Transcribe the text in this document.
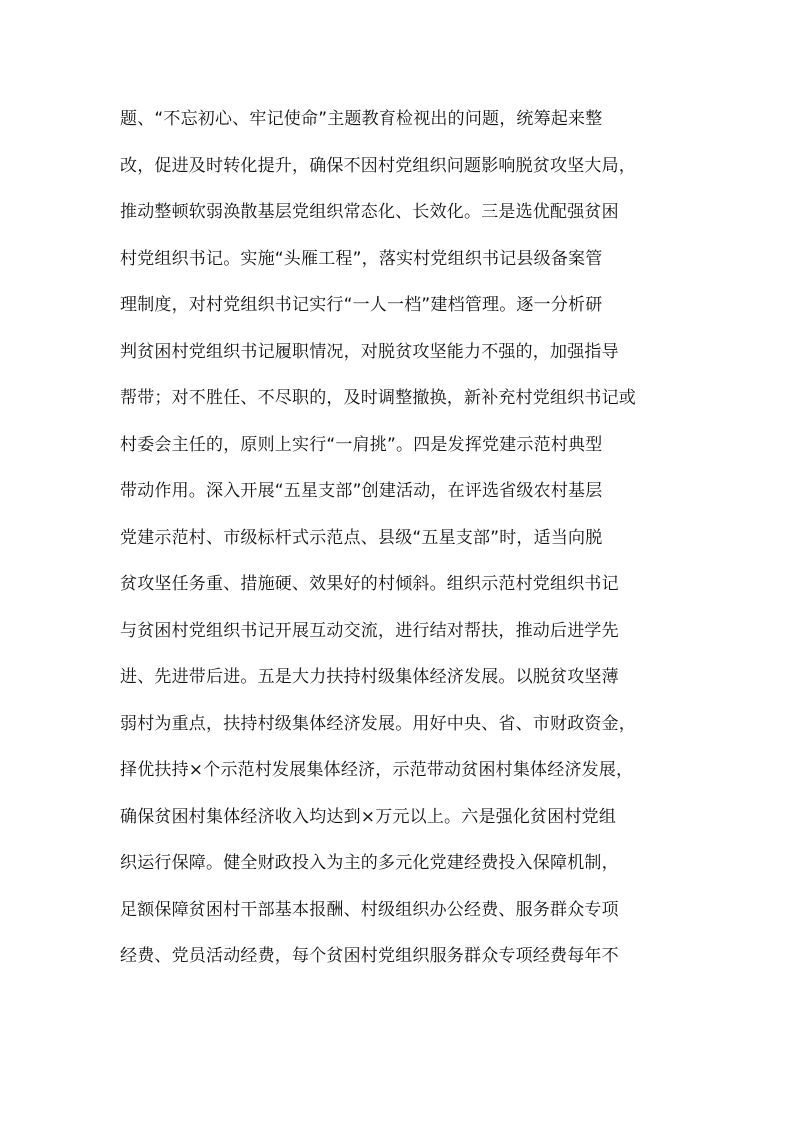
题、“不忘初心、牢记使命”主题教育检视出的问题，统筹起来整
改，促进及时转化提升，确保不因村党组织问题影响脱贫攻坚大局，
推动整顿软弱涣散基层党组织常态化、长效化。三是选优配强贫困
村党组织书记。实施“头雁工程”，落实村党组织书记县级备案管
理制度，对村党组织书记实行“一人一档”建档管理。逐一分析研
判贫困村党组织书记履职情况，对脱贫攻坚能力不强的，加强指导
帮带；对不胜任、不尽职的，及时调整撤换，新补充村党组织书记或
村委会主任的，原则上实行“一肩挑”。四是发挥党建示范村典型
带动作用。深入开展“五星支部”创建活动，在评选省级农村基层
党建示范村、市级标杆式示范点、县级“五星支部”时，适当向脱
贫攻坚任务重、措施硬、效果好的村倾斜。组织示范村党组织书记
与贫困村党组织书记开展互动交流，进行结对帮扶，推动后进学先
进、先进带后进。五是大力扶持村级集体经济发展。以脱贫攻坚薄
弱村为重点，扶持村级集体经济发展。用好中央、省、市财政资金，
择优扶持×个示范村发展集体经济，示范带动贫困村集体经济发展，
确保贫困村集体经济收入均达到×万元以上。六是强化贫困村党组
织运行保障。健全财政投入为主的多元化党建经费投入保障机制，
足额保障贫困村干部基本报酬、村级组织办公经费、服务群众专项
经费、党员活动经费，每个贫困村党组织服务群众专项经费每年不
